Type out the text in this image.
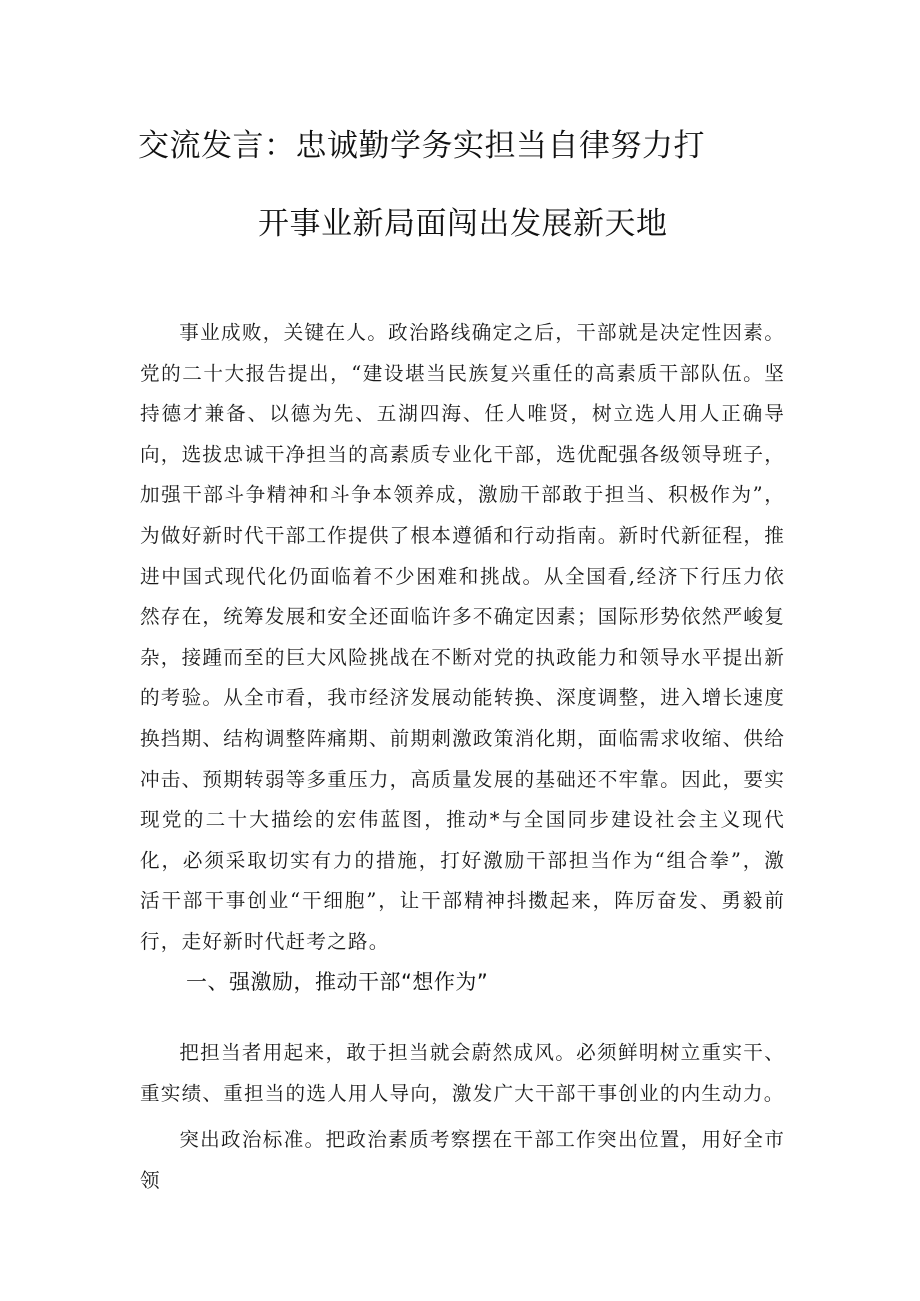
交流发言：忠诚勤学务实担当自律努力打
开事业新局面闯出发展新天地

事业成败，关键在人。政治路线确定之后，干部就是决定性因素。党的二十大报告提出，“建设堪当民族复兴重任的高素质干部队伍。坚持德才兼备、以德为先、五湖四海、任人唯贤，树立选人用人正确导向，选拔忠诚干净担当的高素质专业化干部，选优配强各级领导班子，加强干部斗争精神和斗争本领养成，激励干部敢于担当、积极作为”，为做好新时代干部工作提供了根本遵循和行动指南。新时代新征程，推进中国式现代化仍面临着不少困难和挑战。从全国看,经济下行压力依然存在，统筹发展和安全还面临许多不确定因素；国际形势依然严峻复杂，接踵而至的巨大风险挑战在不断对党的执政能力和领导水平提出新的考验。从全市看，我市经济发展动能转换、深度调整，进入增长速度换挡期、结构调整阵痛期、前期刺激政策消化期，面临需求收缩、供给冲击、预期转弱等多重压力，高质量发展的基础还不牢靠。因此，要实现党的二十大描绘的宏伟蓝图，推动*与全国同步建设社会主义现代化，必须采取切实有力的措施，打好激励干部担当作为“组合拳”，激活干部干事创业“干细胞”，让干部精神抖擞起来，阵厉奋发、勇毅前行，走好新时代赶考之路。

一、强激励，推动干部“想作为”

把担当者用起来，敢于担当就会蔚然成风。必须鲜明树立重实干、重实绩、重担当的选人用人导向，激发广大干部干事创业的内生动力。

突出政治标准。把政治素质考察摆在干部工作突出位置，用好全市领
